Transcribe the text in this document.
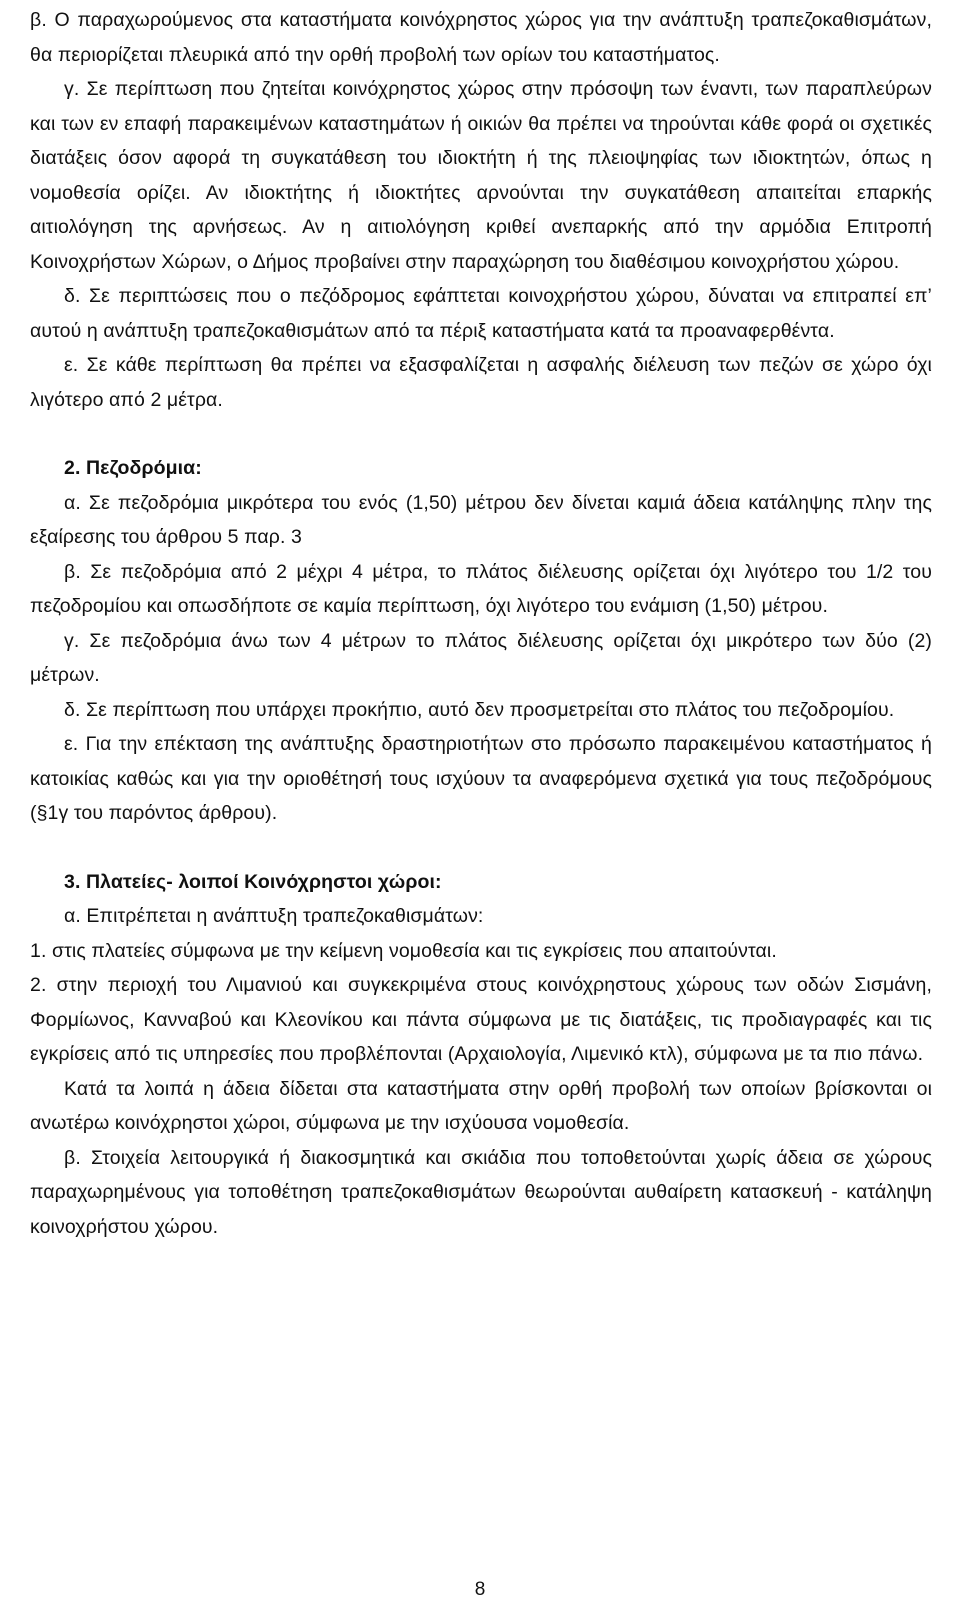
β. Ο παραχωρούμενος στα καταστήματα κοινόχρηστος χώρος για την ανάπτυξη τραπεζοκαθισμάτων, θα περιορίζεται πλευρικά από την ορθή προβολή των ορίων του καταστήματος.

γ. Σε περίπτωση που ζητείται κοινόχρηστος χώρος στην πρόσοψη των έναντι, των παραπλεύρων και των εν επαφή παρακειμένων καταστημάτων ή οικιών θα πρέπει να τηρούνται κάθε φορά οι σχετικές διατάξεις όσον αφορά τη συγκατάθεση του ιδιοκτήτη ή της πλειοψηφίας των ιδιοκτητών, όπως η νομοθεσία ορίζει. Αν ιδιοκτήτης ή ιδιοκτήτες αρνούνται την συγκατάθεση απαιτείται επαρκής αιτιολόγηση της αρνήσεως. Αν η αιτιολόγηση κριθεί ανεπαρκής από την αρμόδια Επιτροπή Κοινοχρήστων Χώρων, ο Δήμος προβαίνει στην παραχώρηση του διαθέσιμου κοινοχρήστου χώρου.

δ. Σε περιπτώσεις που ο πεζόδρομος εφάπτεται κοινοχρήστου χώρου, δύναται να επιτραπεί επ’ αυτού η ανάπτυξη τραπεζοκαθισμάτων από τα πέριξ καταστήματα κατά τα προαναφερθέντα.

ε. Σε κάθε περίπτωση θα πρέπει να εξασφαλίζεται η ασφαλής διέλευση των πεζών σε χώρο όχι λιγότερο από 2 μέτρα.

2. Πεζοδρόμια:

α. Σε πεζοδρόμια μικρότερα του ενός (1,50) μέτρου δεν δίνεται καμιά άδεια κατάληψης πλην της εξαίρεσης του άρθρου 5 παρ. 3

β. Σε πεζοδρόμια από 2 μέχρι 4 μέτρα, το πλάτος διέλευσης ορίζεται όχι λιγότερο του 1/2 του πεζοδρομίου και οπωσδήποτε σε καμία περίπτωση, όχι λιγότερο του ενάμιση (1,50) μέτρου.

γ. Σε πεζοδρόμια άνω των 4 μέτρων το πλάτος διέλευσης ορίζεται όχι μικρότερο των δύο (2) μέτρων.

δ. Σε περίπτωση που υπάρχει προκήπιο, αυτό δεν προσμετρείται στο πλάτος του πεζοδρομίου.

ε. Για την επέκταση της ανάπτυξης δραστηριοτήτων στο πρόσωπο παρακειμένου καταστήματος ή κατοικίας καθώς και για την οριοθέτησή τους ισχύουν τα αναφερόμενα σχετικά για τους πεζοδρόμους (§1γ του παρόντος άρθρου).

3. Πλατείες- λοιποί Κοινόχρηστοι χώροι:

α. Επιτρέπεται η ανάπτυξη τραπεζοκαθισμάτων:

1. στις πλατείες σύμφωνα με την κείμενη νομοθεσία και τις εγκρίσεις που απαιτούνται.

2. στην περιοχή του Λιμανιού και συγκεκριμένα στους κοινόχρηστους χώρους των οδών Σισμάνη, Φορμίωνος, Κανναβού και Κλεονίκου και πάντα σύμφωνα με τις διατάξεις, τις προδιαγραφές και τις εγκρίσεις από τις υπηρεσίες που προβλέπονται (Αρχαιολογία, Λιμενικό κτλ), σύμφωνα με τα πιο πάνω.

Κατά τα λοιπά η άδεια δίδεται στα καταστήματα στην ορθή προβολή των οποίων βρίσκονται οι ανωτέρω κοινόχρηστοι χώροι, σύμφωνα με την ισχύουσα νομοθεσία.

β. Στοιχεία λειτουργικά ή διακοσμητικά και σκιάδια που τοποθετούνται χωρίς άδεια σε χώρους παραχωρημένους για τοποθέτηση τραπεζοκαθισμάτων θεωρούνται αυθαίρετη κατασκευή - κατάληψη κοινοχρήστου χώρου.

8
